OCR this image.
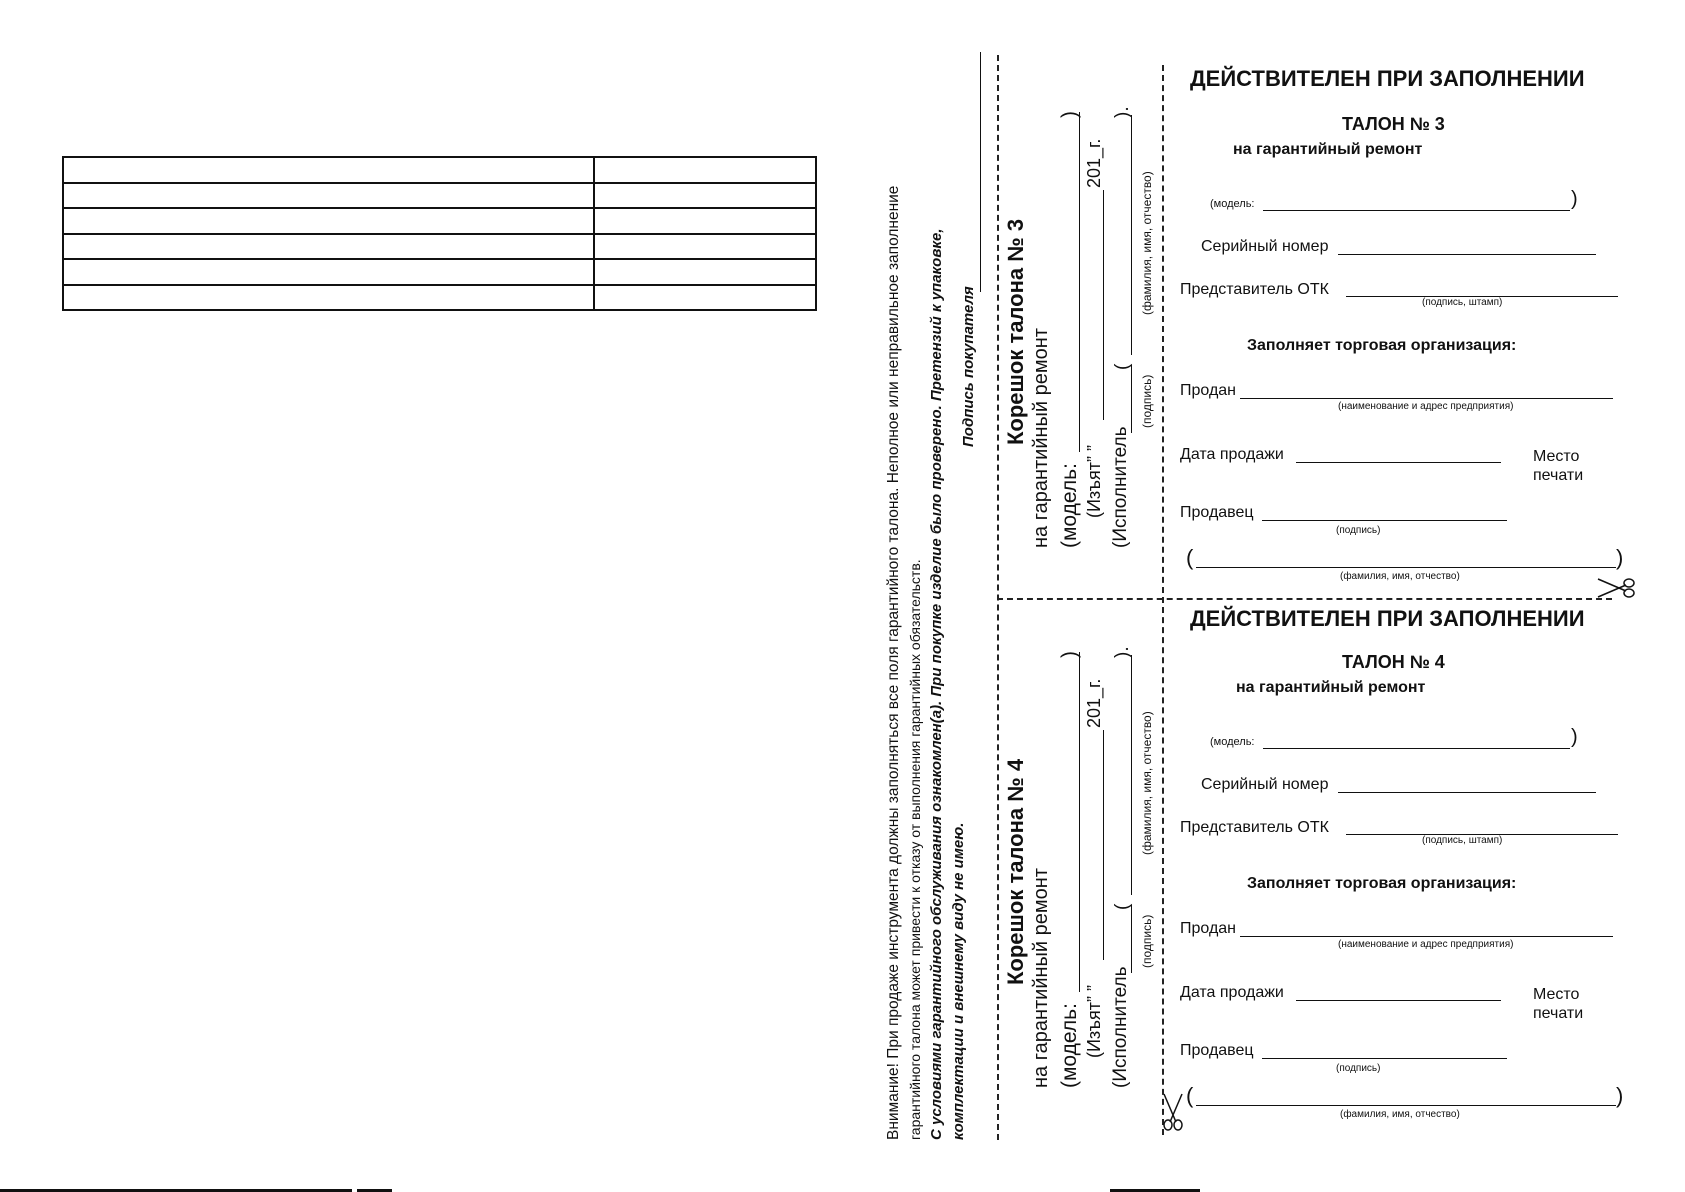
Внимание! При продаже инструмента должны заполняться все поля гарантийного талона. Неполное или неправильное заполнение гарантийного талона может привести к отказу от выполнения гарантийных обязательств. С условиями гарантийного обслуживания ознакомлен(а). При покупке изделие было проверено. Претензий к упаковке, комплектации и внешнему виду не имею.
Подпись покупателя Корешок талона № 3 на гарантийный ремонт (модель:
)
(Изъят” ”
201_г.
(Исполнитель
(
).
(подпись)
(фамилия, имя, отчество)
Корешок талона № 4 на гарантийный ремонт (модель:
)
(Изъят” ”
201_г.
(Исполнитель
(
).
(подпись)
(фамилия, имя, отчество)
ДЕЙСТВИТЕЛЕН ПРИ ЗАПОЛНЕНИИ
ТАЛОН № 3
на гарантийный ремонт
(модель:	)
Серийный номер
Представитель ОТК
(подпись, штамп)
Заполняет торговая организация:
Продан
(наименование и адрес предприятия)
Дата продажи	Место
печати
Продавец
(подпись)
(	)
(фамилия, имя, отчество)
ДЕЙСТВИТЕЛЕН ПРИ ЗАПОЛНЕНИИ
ТАЛОН № 4
на гарантийный ремонт
(модель:	)
Серийный номер
Представитель ОТК
(подпись, штамп)
Заполняет торговая организация:
Продан
(наименование и адрес предприятия)
Дата продажи	Место
печати
Продавец
(подпись)
(	)
(фамилия, имя, отчество)
